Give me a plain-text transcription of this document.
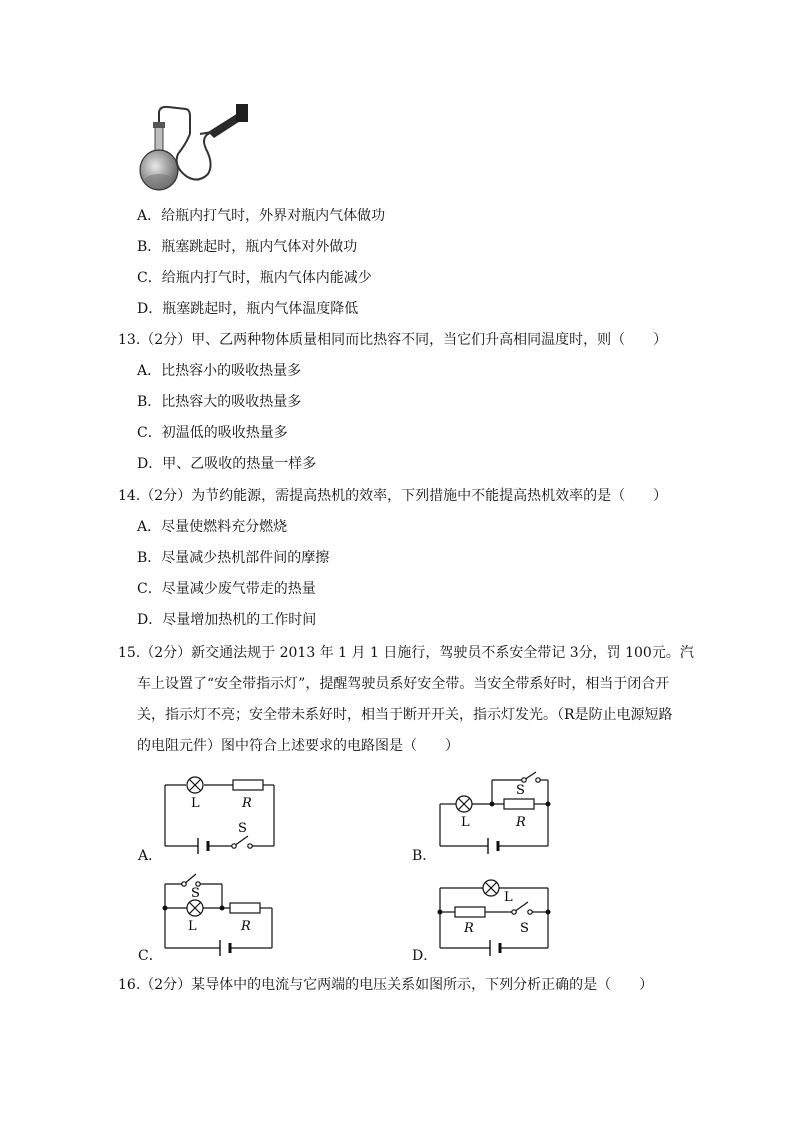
A．给瓶内打气时，外界对瓶内气体做功
B．瓶塞跳起时，瓶内气体对外做功
C．给瓶内打气时，瓶内气体内能减少
D．瓶塞跳起时，瓶内气体温度降低
13.（2分）甲、乙两种物体质量相同而比热容不同，当它们升高相同温度时，则（　　）
A．比热容小的吸收热量多
B．比热容大的吸收热量多
C．初温低的吸收热量多
D．甲、乙吸收的热量一样多
14.（2分）为节约能源，需提高热机的效率，下列措施中不能提高热机效率的是（　　）
A．尽量使燃料充分燃烧
B．尽量减少热机部件间的摩擦
C．尽量减少废气带走的热量
D．尽量增加热机的工作时间
15.（2分）新交通法规于 2013 年 1 月 1 日施行，驾驶员不系安全带记 3分，罚 100元。汽
车上设置了“安全带指示灯”，提醒驾驶员系好安全带。当安全带系好时，相当于闭合开
关，指示灯不亮；安全带未系好时，相当于断开开关，指示灯发光。（R是防止电源短路
的电阻元件）图中符合上述要求的电路图是（　　）
A．	B．
C．	D．
L	R
S	L	R
S
S
L	R
L
R	S
16.（2分）某导体中的电流与它两端的电压关系如图所示，下列分析正确的是（　　）
